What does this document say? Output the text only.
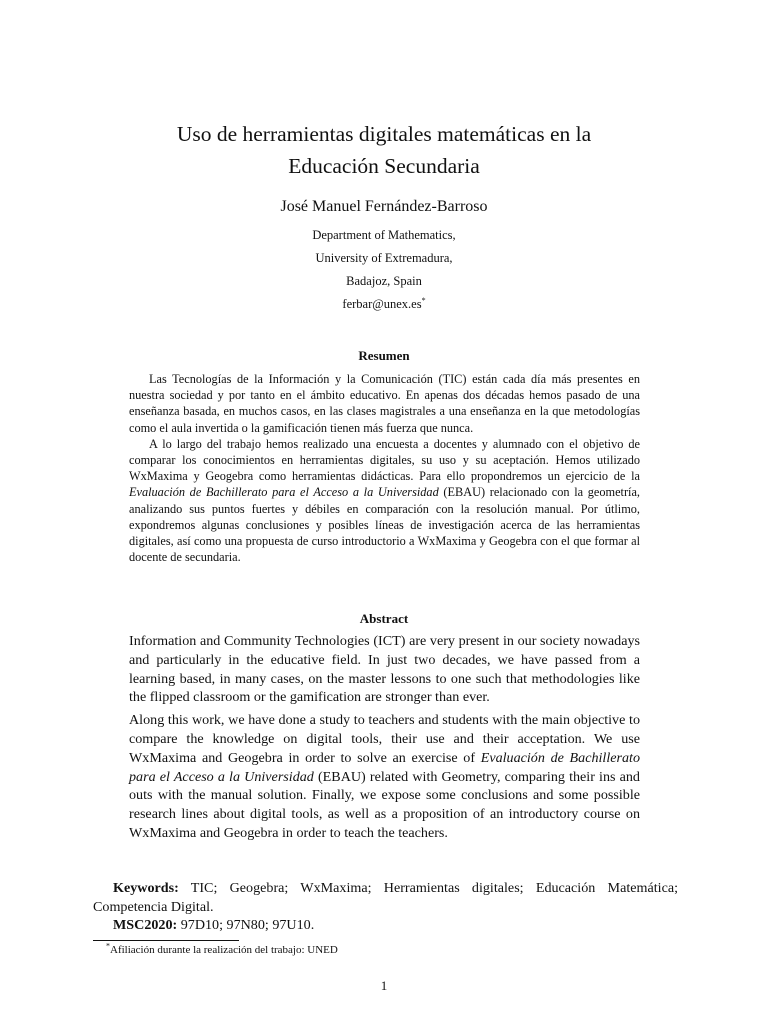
Uso de herramientas digitales matemáticas en la
Educación Secundaria
José Manuel Fernández-Barroso
Department of Mathematics,
University of Extremadura,
Badajoz, Spain
ferbar@unex.es*
Resumen

Las Tecnologías de la Información y la Comunicación (TIC) están cada día más presentes en nuestra sociedad y por tanto en el ámbito educativo. En apenas dos décadas hemos pasado de una enseñanza basada, en muchos casos, en las clases magistrales a una enseñanza en la que metodologías como el aula invertida o la gamificación tienen más fuerza que nunca.

A lo largo del trabajo hemos realizado una encuesta a docentes y alumnado con el objetivo de comparar los conocimientos en herramientas digitales, su uso y su aceptación. Hemos utilizado WxMaxima y Geogebra como herramientas didácticas. Para ello propondremos un ejercicio de la Evaluación de Bachillerato para el Acceso a la Universidad (EBAU) relacionado con la geometría, analizando sus puntos fuertes y débiles en comparación con la resolución manual. Por útlimo, expondremos algunas conclusiones y posibles líneas de investigación acerca de las herramientas digitales, así como una propuesta de curso introductorio a WxMaxima y Geogebra con el que formar al docente de secundaria.

Abstract

Information and Community Technologies (ICT) are very present in our society nowadays and particularly in the educative field. In just two decades, we have passed from a learning based, in many cases, on the master lessons to one such that methodologies like the flipped classroom or the gamification are stronger than ever.

Along this work, we have done a study to teachers and students with the main objective to compare the knowledge on digital tools, their use and their acceptation. We use WxMaxima and Geogebra in order to solve an exercise of Evaluación de Bachillerato para el Acceso a la Universidad (EBAU) related with Geometry, comparing their ins and outs with the manual solution. Finally, we expose some conclusions and some possible research lines about digital tools, as well as a proposition of an introductory course on WxMaxima and Geogebra in order to teach the teachers.

Keywords: TIC; Geogebra; WxMaxima; Herramientas digitales; Educación Matemática; Competencia Digital.

MSC2020: 97D10; 97N80; 97U10.

*Afiliación durante la realización del trabajo: UNED
1
